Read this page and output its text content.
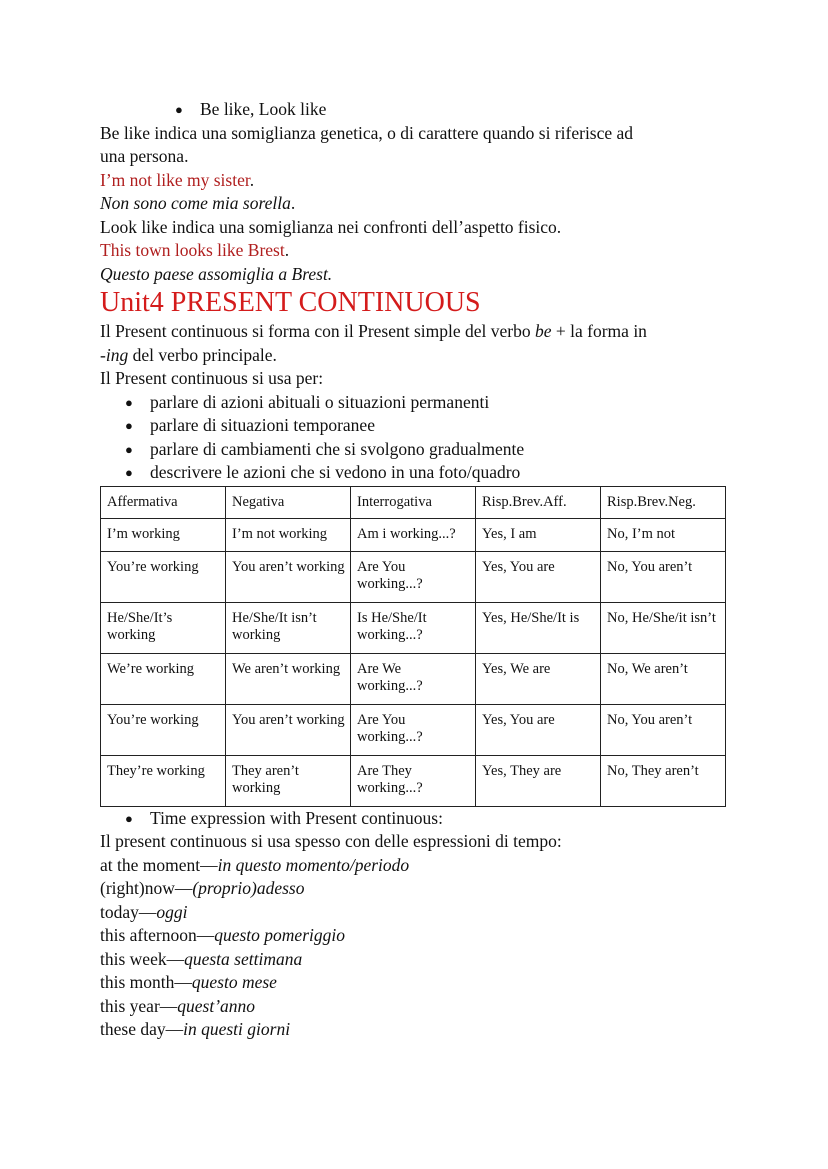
● Be like, Look like
Be like indica una somiglianza genetica, o di carattere quando si riferisce ad
una persona.
I’m not like my sister.
Non sono come mia sorella.
Look like indica una somiglianza nei confronti dell’aspetto fisico.
This town looks like Brest.
Questo paese assomiglia a Brest.
Unit4 PRESENT CONTINUOUS
Il Present continuous si forma con il Present simple del verbo be + la forma in
-ing del verbo principale.
Il Present continuous si usa per:
● parlare di azioni abituali o situazioni permanenti
● parlare di situazioni temporanee
● parlare di cambiamenti che si svolgono gradualmente
● descrivere le azioni che si vedono in una foto/quadro
Affermativa	Negativa	Interrogativa	Risp.Brev.Aff.	Risp.Brev.Neg.
I’m working	I’m not working	Am i working...?	Yes, I am	No, I’m not
You’re working	You aren’t working	Are You working...?	Yes, You are	No, You aren’t
He/She/It’s working	He/She/It isn’t working	Is He/She/It working...?	Yes, He/She/It is	No, He/She/it isn’t
We’re working	We aren’t working	Are We working...?	Yes, We are	No, We aren’t
You’re working	You aren’t working	Are You working...?	Yes, You are	No, You aren’t
They’re working	They aren’t working	Are They working...?	Yes, They are	No, They aren’t
● Time expression with Present continuous:
Il present continuous si usa spesso con delle espressioni di tempo:
at the moment—in questo momento/periodo
(right)now—(proprio)adesso
today—oggi
this afternoon—questo pomeriggio
this week—questa settimana
this month—questo mese
this year—quest’anno
these day—in questi giorni
